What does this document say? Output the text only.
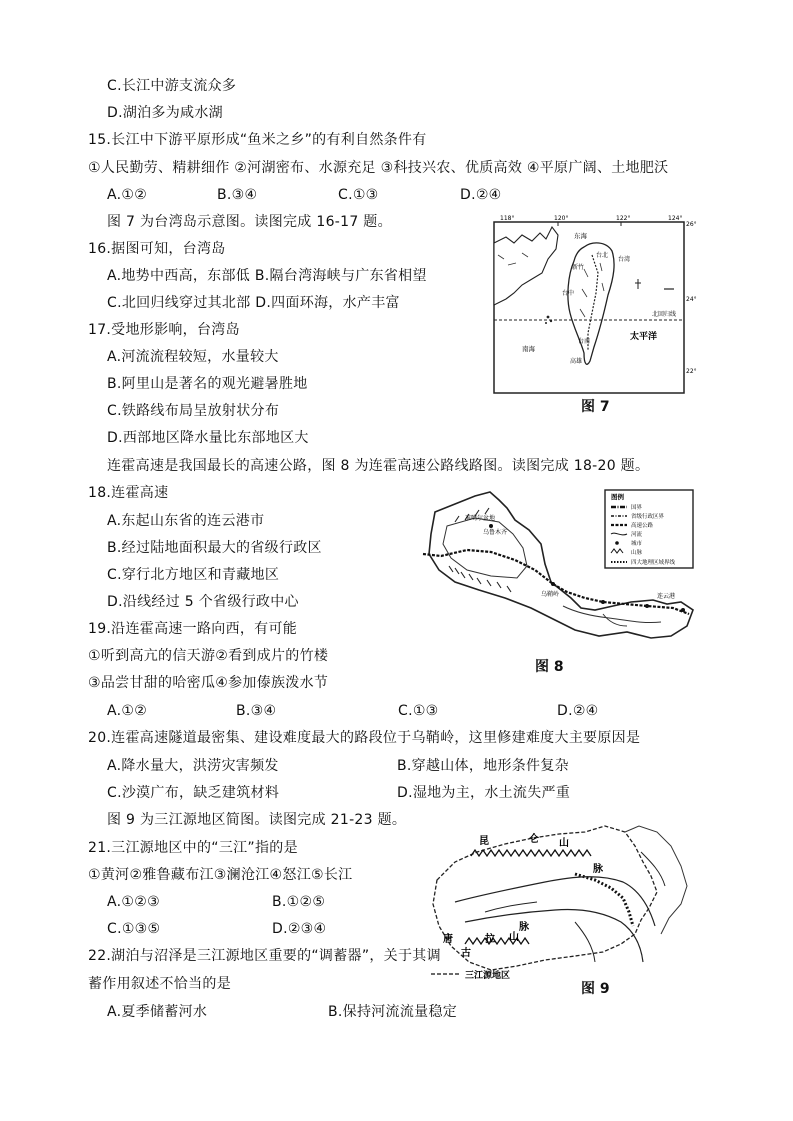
C.长江中游支流众多
D.湖泊多为咸水湖
15.长江中下游平原形成“鱼米之乡”的有利自然条件有
①人民勤劳、精耕细作 ②河湖密布、水源充足 ③科技兴农、优质高效 ④平原广阔、土地肥沃
A.①②	B.③④	C.①③	D.②④
图 7 为台湾岛示意图。读图完成 16-17 题。
16.据图可知，台湾岛
A.地势中西高，东部低 B.隔台湾海峡与广东省相望
C.北回归线穿过其北部 D.四面环海，水产丰富
17.受地形影响，台湾岛
A.河流流程较短，水量较大
B.阿里山是著名的观光避暑胜地
C.铁路线布局呈放射状分布
D.西部地区降水量比东部地区大
连霍高速是我国最长的高速公路，图 8 为连霍高速公路线路图。读图完成 18-20 题。
18.连霍高速
A.东起山东省的连云港市
B.经过陆地面积最大的省级行政区
C.穿行北方地区和青藏地区
D.沿线经过 5 个省级行政中心
19.沿连霍高速一路向西，有可能
①听到高亢的信天游②看到成片的竹楼
③品尝甘甜的哈密瓜④参加傣族泼水节
A.①②	B.③④	C.①③	D.②④
20.连霍高速隧道最密集、建设难度最大的路段位于乌鞘岭，这里修建难度大主要原因是
A.降水量大，洪涝灾害频发	B.穿越山体，地形条件复杂
C.沙漠广布，缺乏建筑材料	D.湿地为主，水土流失严重
图 9 为三江源地区简图。读图完成 21-23 题。
21.三江源地区中的“三江”指的是
①黄河②雅鲁藏布江③澜沧江④怒江⑤长江
A.①②③	B.①②⑤
C.①③⑤	D.②③④
22.湖泊与沼泽是三江源地区重要的“调蓄器”，关于其调
蓄作用叙述不恰当的是
A.夏季储蓄河水	B.保持河流流量稳定
118°	120°	122°	124°
26°
24°
22°
北回归线
东海
台北
台湾
新竹
台中
台南
高雄
南海
太平洋
图 7
准噶尔盆地
乌鲁木齐
乌鞘岭	连云港
图例
国界
省级行政区界
高速公路
河流
城市
山脉
四大地理区域界线
图 8
昆	仑 山
脉
唐
古
拉 山
脉
三江源地区
图 9
